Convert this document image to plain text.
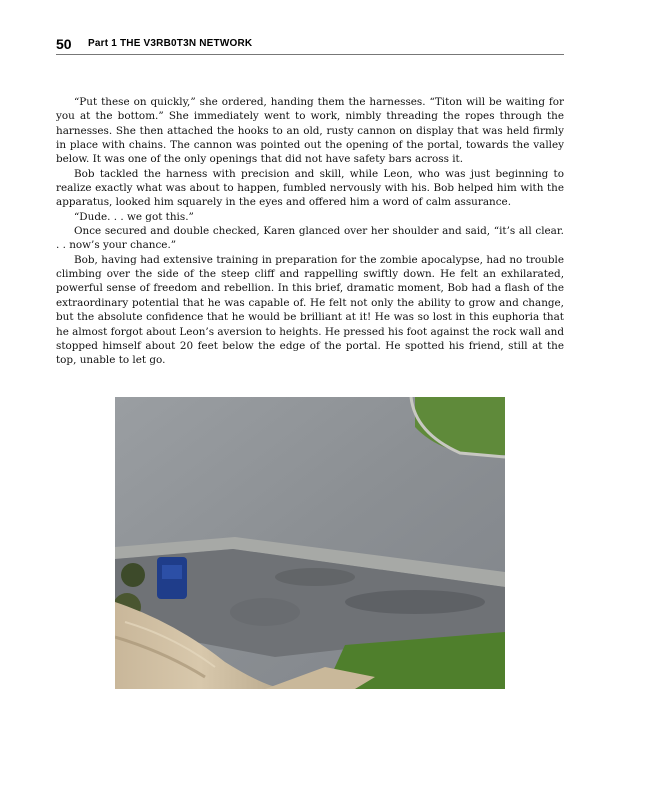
50 Part 1 THE V3RB0T3N NETWORK

“Put these on quickly,” she ordered, handing them the harnesses. “Titon will be waiting for you at the bottom.” She immediately went to work, nimbly threading the ropes through the harnesses. She then attached the hooks to an old, rusty cannon on display that was held firmly in place with chains. The cannon was pointed out the opening of the portal, towards the valley below. It was one of the only openings that did not have safety bars across it.

Bob tackled the harness with precision and skill, while Leon, who was just beginning to realize exactly what was about to happen, fumbled nervously with his. Bob helped him with the apparatus, looked him squarely in the eyes and offered him a word of calm assurance.

“Dude. . . we got this.”

Once secured and double checked, Karen glanced over her shoulder and said, “it’s all clear. . . now’s your chance.”

Bob, having had extensive training in preparation for the zombie apocalypse, had no trouble climbing over the side of the steep cliff and rappelling swiftly down. He felt an exhilarated, powerful sense of freedom and rebellion. In this brief, dramatic moment, Bob had a flash of the extraordinary potential that he was capable of. He felt not only the ability to grow and change, but the absolute confidence that he would be brilliant at it! He was so lost in this euphoria that he almost forgot about Leon’s aversion to heights. He pressed his foot against the rock wall and stopped himself about 20 feet below the edge of the portal. He spotted his friend, still at the top, unable to let go.
